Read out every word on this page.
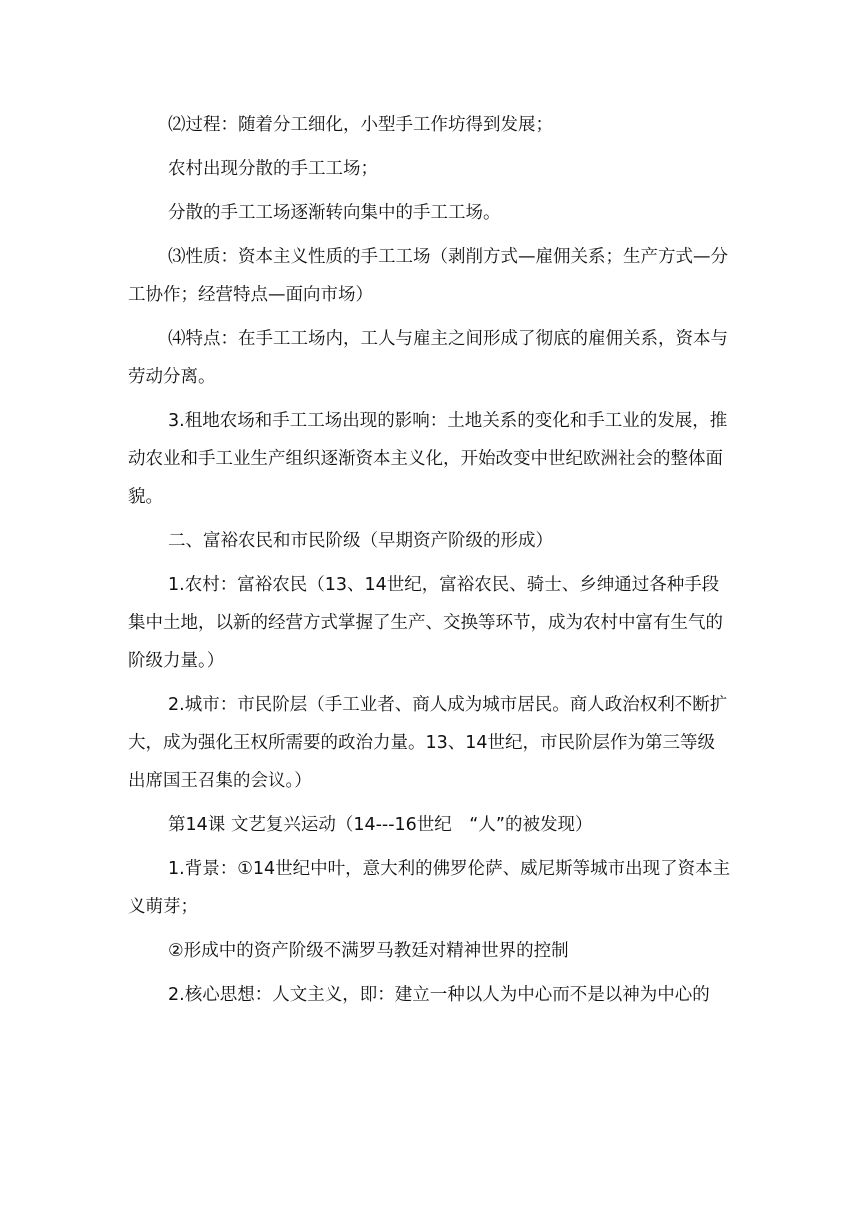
⑵过程：随着分工细化，小型手工作坊得到发展；

农村出现分散的手工工场；

分散的手工工场逐渐转向集中的手工工场。

⑶性质：资本主义性质的手工工场（剥削方式—雇佣关系；生产方式—分工协作；经营特点—面向市场）

⑷特点：在手工工场内，工人与雇主之间形成了彻底的雇佣关系，资本与劳动分离。

3.租地农场和手工工场出现的影响：土地关系的变化和手工业的发展，推动农业和手工业生产组织逐渐资本主义化，开始改变中世纪欧洲社会的整体面貌。

二、富裕农民和市民阶级（早期资产阶级的形成）

1.农村：富裕农民（13、14世纪，富裕农民、骑士、乡绅通过各种手段集中土地，以新的经营方式掌握了生产、交换等环节，成为农村中富有生气的阶级力量。）

2.城市：市民阶层（手工业者、商人成为城市居民。商人政治权利不断扩大，成为强化王权所需要的政治力量。13、14世纪，市民阶层作为第三等级出席国王召集的会议。）

第14课 文艺复兴运动（14---16世纪　“人”的被发现）

1.背景：①14世纪中叶，意大利的佛罗伦萨、威尼斯等城市出现了资本主义萌芽；

②形成中的资产阶级不满罗马教廷对精神世界的控制

2.核心思想：人文主义，即：建立一种以人为中心而不是以神为中心的
